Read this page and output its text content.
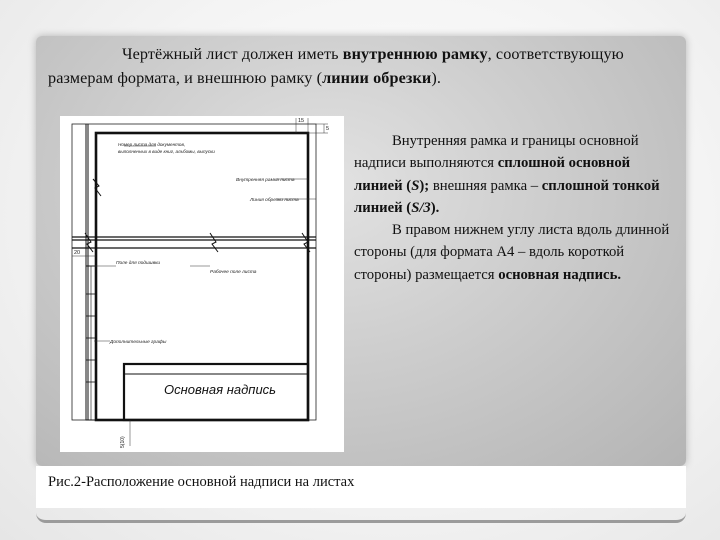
Чертёжный лист должен иметь внутреннюю рамку, соответствующую размерам формата, и внешнюю рамку (линии обрезки).
Номер листа для документов,
выполненных в виде книг, альбомы, выпуски
Внутренняя рамка листа
Линия обрезки листа
Поле для подшивки
Рабочее поле листа
Дополнительные графы
Основная надпись
15
20
5
5(10)
Внутренняя рамка и границы основной надписи выполняются сплошной основной линией (S); внешняя рамка – сплошной тонкой линией (S/3).
В правом нижнем углу листа вдоль длинной стороны (для формата А4 – вдоль короткой стороны) размещается основная надпись.
Рис.2-Расположение основной надписи на листах
